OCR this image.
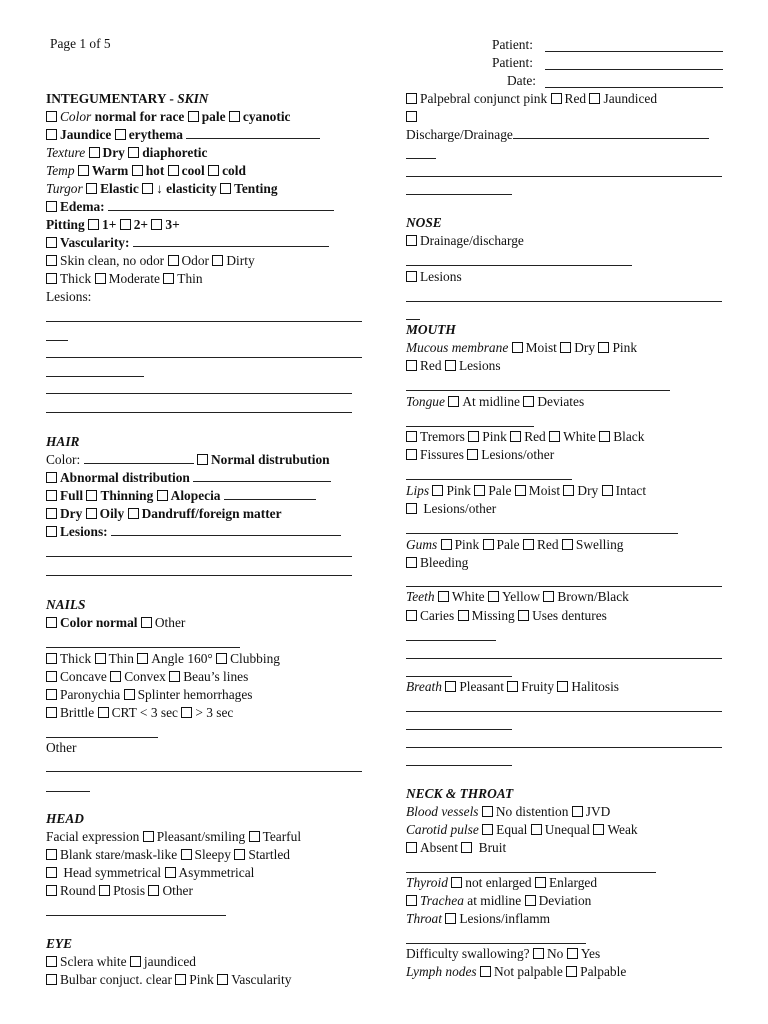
Page 1 of 5	Patient:
Patient:
Date:
INTEGUMENTARY - SKIN
Color normal for race pale cyanotic
Jaundice erythema
Texture Dry diaphoretic
Temp Warm hot cool cold
Turgor Elastic ↓ elasticity Tenting
Edema:
Pitting 1+ 2+ 3+
Vascularity:
Skin clean, no odor Odor Dirty
Thick Moderate Thin
Lesions:
HAIR
Color:	Normal distrubution
Abnormal distribution
Full Thinning Alopecia
Dry Oily Dandruff/foreign matter
Lesions:
NAILS
Color normal Other
Thick Thin Angle 160° Clubbing
Concave Convex Beau’s lines
Paronychia Splinter hemorrhages
Brittle CRT < 3 sec > 3 sec
Other
HEAD
Facial expression Pleasant/smiling Tearful
Blank stare/mask-like Sleepy Startled
Head symmetrical Asymmetrical
Round Ptosis Other
EYE
Sclera white jaundiced
Bulbar conjuct. clear Pink Vascularity
Palpebral conjunct pink Red Jaundiced
Discharge/Drainage
NOSE
Drainage/discharge
Lesions
MOUTH
Mucous membrane Moist Dry Pink
Red Lesions
Tongue At midline Deviates
Tremors Pink Red White Black
Fissures Lesions/other
Lips Pink Pale Moist Dry Intact
Lesions/other
Gums Pink Pale Red Swelling
Bleeding
Teeth White Yellow Brown/Black
Caries Missing Uses dentures
Breath Pleasant Fruity Halitosis
NECK & THROAT
Blood vessels No distention JVD
Carotid pulse Equal Unequal Weak
Absent Bruit
Thyroid not enlarged Enlarged
Trachea at midline Deviation
Throat Lesions/inflamm
Difficulty swallowing? No Yes
Lymph nodes Not palpable Palpable
